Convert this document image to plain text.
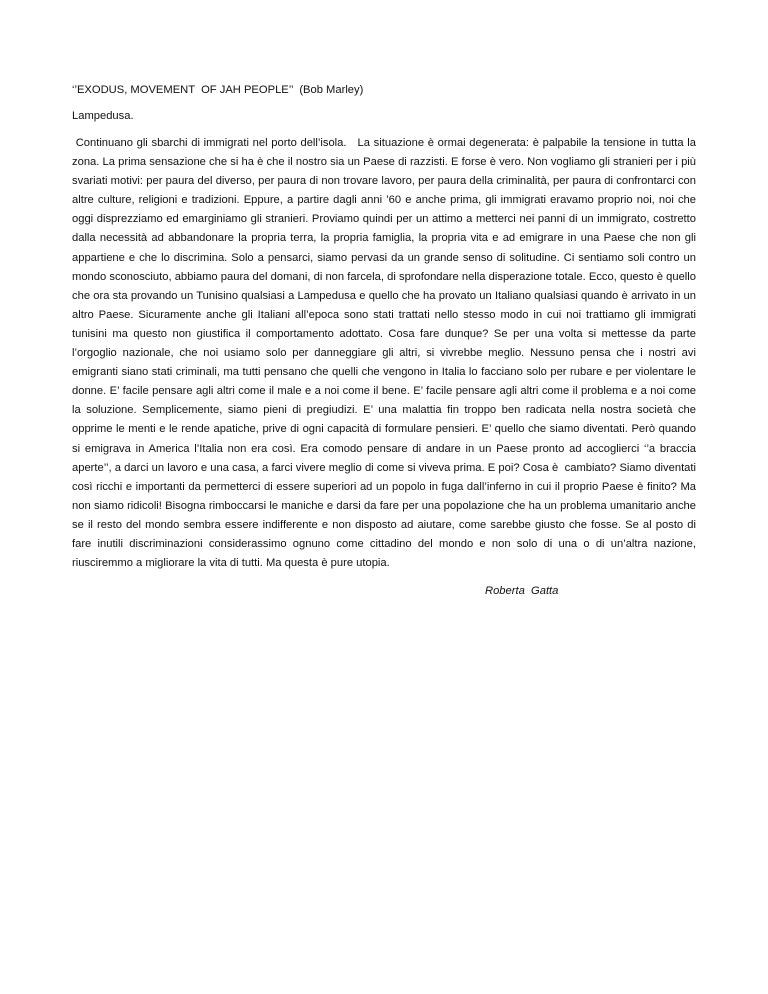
‘’EXODUS, MOVEMENT  OF JAH PEOPLE’’  (Bob Marley)

Lampedusa.

Continuano gli sbarchi di immigrati nel porto dell’isola.   La situazione è ormai degenerata: è palpabile la tensione in tutta la zona. La prima sensazione che si ha è che il nostro sia un Paese di razzisti. E forse è vero. Non vogliamo gli stranieri per i più svariati motivi: per paura del diverso, per paura di non trovare lavoro, per paura della criminalità, per paura di confrontarci con altre culture, religioni e tradizioni. Eppure, a partire dagli anni ’60 e anche prima, gli immigrati eravamo proprio noi, noi che oggi disprezziamo ed emarginiamo gli stranieri. Proviamo quindi per un attimo a metterci nei panni di un immigrato, costretto dalla necessità ad abbandonare la propria terra, la propria famiglia, la propria vita e ad emigrare in una Paese che non gli appartiene e che lo discrimina. Solo a pensarci, siamo pervasi da un grande senso di solitudine. Ci sentiamo soli contro un mondo sconosciuto, abbiamo paura del domani, di non farcela, di sprofondare nella disperazione totale. Ecco, questo è quello che ora sta provando un Tunisino qualsiasi a Lampedusa e quello che ha provato un Italiano qualsiasi quando è arrivato in un altro Paese. Sicuramente anche gli Italiani all’epoca sono stati trattati nello stesso modo in cui noi trattiamo gli immigrati tunisini ma questo non giustifica il comportamento adottato. Cosa fare dunque? Se per una volta si mettesse da parte l’orgoglio nazionale, che noi usiamo solo per danneggiare gli altri, si vivrebbe meglio. Nessuno pensa che i nostri avi emigranti siano stati criminali, ma tutti pensano che quelli che vengono in Italia lo facciano solo per rubare e per violentare le donne. E’ facile pensare agli altri come il male e a noi come il bene. E’ facile pensare agli altri come il problema e a noi come la soluzione. Semplicemente, siamo pieni di pregiudizi. E’ una malattia fin troppo ben radicata nella nostra società che opprime le menti e le rende apatiche, prive di ogni capacità di formulare pensieri. E’ quello che siamo diventati. Però quando si emigrava in America l’Italia non era così. Era comodo pensare di andare in un Paese pronto ad accoglierci ‘’a braccia aperte’’, a darci un lavoro e una casa, a farci vivere meglio di come si viveva prima. E poi? Cosa è  cambiato? Siamo diventati così ricchi e importanti da permetterci di essere superiori ad un popolo in fuga dall’inferno in cui il proprio Paese è finito? Ma non siamo ridicoli! Bisogna rimboccarsi le maniche e darsi da fare per una popolazione che ha un problema umanitario anche se il resto del mondo sembra essere indifferente e non disposto ad aiutare, come sarebbe giusto che fosse. Se al posto di fare inutili discriminazioni considerassimo ognuno come cittadino del mondo e non solo di una o di un’altra nazione, riusciremmo a migliorare la vita di tutti. Ma questa è pure utopia.

Roberta  Gatta
